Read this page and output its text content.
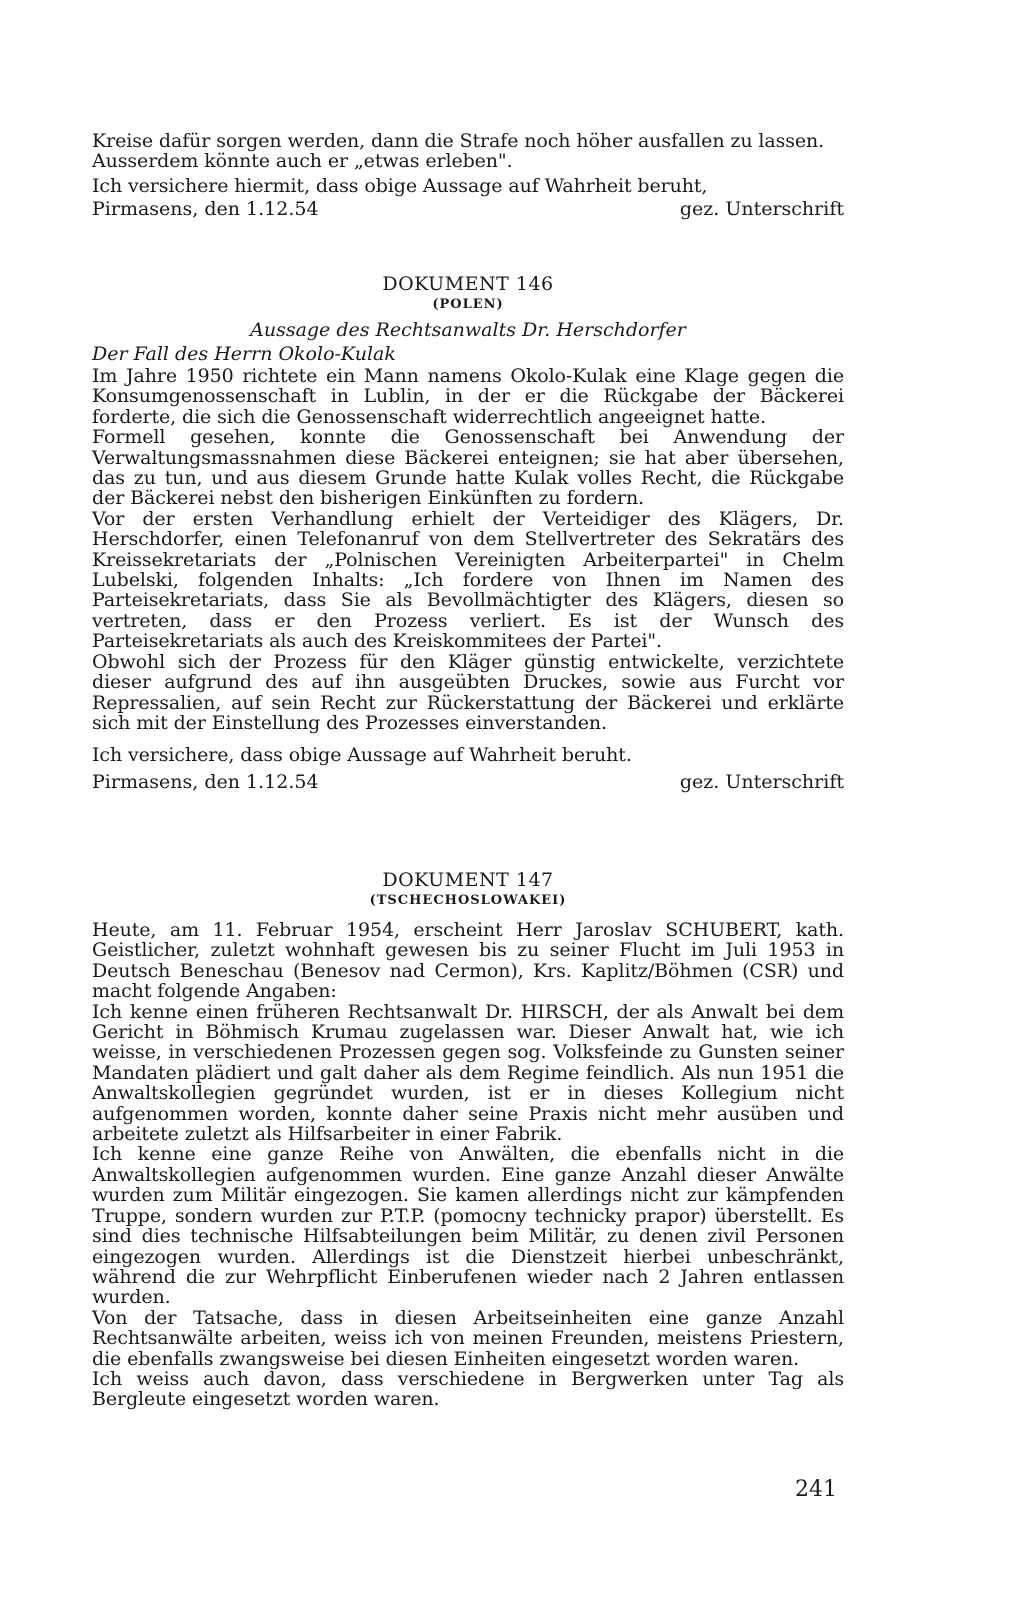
Kreise dafür sorgen werden, dann die Strafe noch höher ausfallen zu lassen.

Ausserdem könnte auch er „etwas erleben".

Ich versichere hiermit, dass obige Aussage auf Wahrheit beruht,

Pirmasens, den 1.12.54	gez. Unterschrift
DOKUMENT 146
(POLEN)
Aussage des Rechtsanwalts Dr. Herschdorfer
Der Fall des Herrn Okolo-Kulak

Im Jahre 1950 richtete ein Mann namens Okolo-Kulak eine Klage gegen die Konsumgenossenschaft in Lublin, in der er die Rückgabe der Bäckerei forderte, die sich die Genossenschaft widerrechtlich angeeignet hatte.

Formell gesehen, konnte die Genossenschaft bei Anwendung der Verwaltungsmassnahmen diese Bäckerei enteignen; sie hat aber übersehen, das zu tun, und aus diesem Grunde hatte Kulak volles Recht, die Rückgabe der Bäckerei nebst den bisherigen Einkünften zu fordern.

Vor der ersten Verhandlung erhielt der Verteidiger des Klägers, Dr. Herschdorfer, einen Telefonanruf von dem Stellvertreter des Sekratärs des Kreissekretariats der „Polnischen Vereinigten Arbeiterpartei" in Chelm Lubelski, folgenden Inhalts: „Ich fordere von Ihnen im Namen des Parteisekretariats, dass Sie als Bevollmächtigter des Klägers, diesen so vertreten, dass er den Prozess verliert. Es ist der Wunsch des Parteisekretariats als auch des Kreiskommitees der Partei".

Obwohl sich der Prozess für den Kläger günstig entwickelte, verzichtete dieser aufgrund des auf ihn ausgeübten Druckes, sowie aus Furcht vor Repressalien, auf sein Recht zur Rückerstattung der Bäckerei und erklärte sich mit der Einstellung des Prozesses einverstanden.

Ich versichere, dass obige Aussage auf Wahrheit beruht.

Pirmasens, den 1.12.54	gez. Unterschrift
DOKUMENT 147
(TSCHECHOSLOWAKEI)

Heute, am 11. Februar 1954, erscheint Herr Jaroslav SCHUBERT, kath. Geistlicher, zuletzt wohnhaft gewesen bis zu seiner Flucht im Juli 1953 in Deutsch Beneschau (Benesov nad Cermon), Krs. Kaplitz/Böhmen (CSR) und macht folgende Angaben:

Ich kenne einen früheren Rechtsanwalt Dr. HIRSCH, der als Anwalt bei dem Gericht in Böhmisch Krumau zugelassen war. Dieser Anwalt hat, wie ich weisse, in verschiedenen Prozessen gegen sog. Volksfeinde zu Gunsten seiner Mandaten plädiert und galt daher als dem Regime feindlich. Als nun 1951 die Anwaltskollegien gegründet wurden, ist er in dieses Kollegium nicht aufgenommen worden, konnte daher seine Praxis nicht mehr ausüben und arbeitete zuletzt als Hilfsarbeiter in einer Fabrik.

Ich kenne eine ganze Reihe von Anwälten, die ebenfalls nicht in die Anwaltskollegien aufgenommen wurden. Eine ganze Anzahl dieser Anwälte wurden zum Militär eingezogen. Sie kamen allerdings nicht zur kämpfenden Truppe, sondern wurden zur P.T.P. (pomocny technicky prapor) überstellt. Es sind dies technische Hilfsabteilungen beim Militär, zu denen zivil Personen eingezogen wurden. Allerdings ist die Dienstzeit hierbei unbeschränkt, während die zur Wehrpflicht Einberufenen wieder nach 2 Jahren entlassen wurden.

Von der Tatsache, dass in diesen Arbeitseinheiten eine ganze Anzahl Rechtsanwälte arbeiten, weiss ich von meinen Freunden, meistens Priestern, die ebenfalls zwangsweise bei diesen Einheiten eingesetzt worden waren.

Ich weiss auch davon, dass verschiedene in Bergwerken unter Tag als Bergleute eingesetzt worden waren.

241
